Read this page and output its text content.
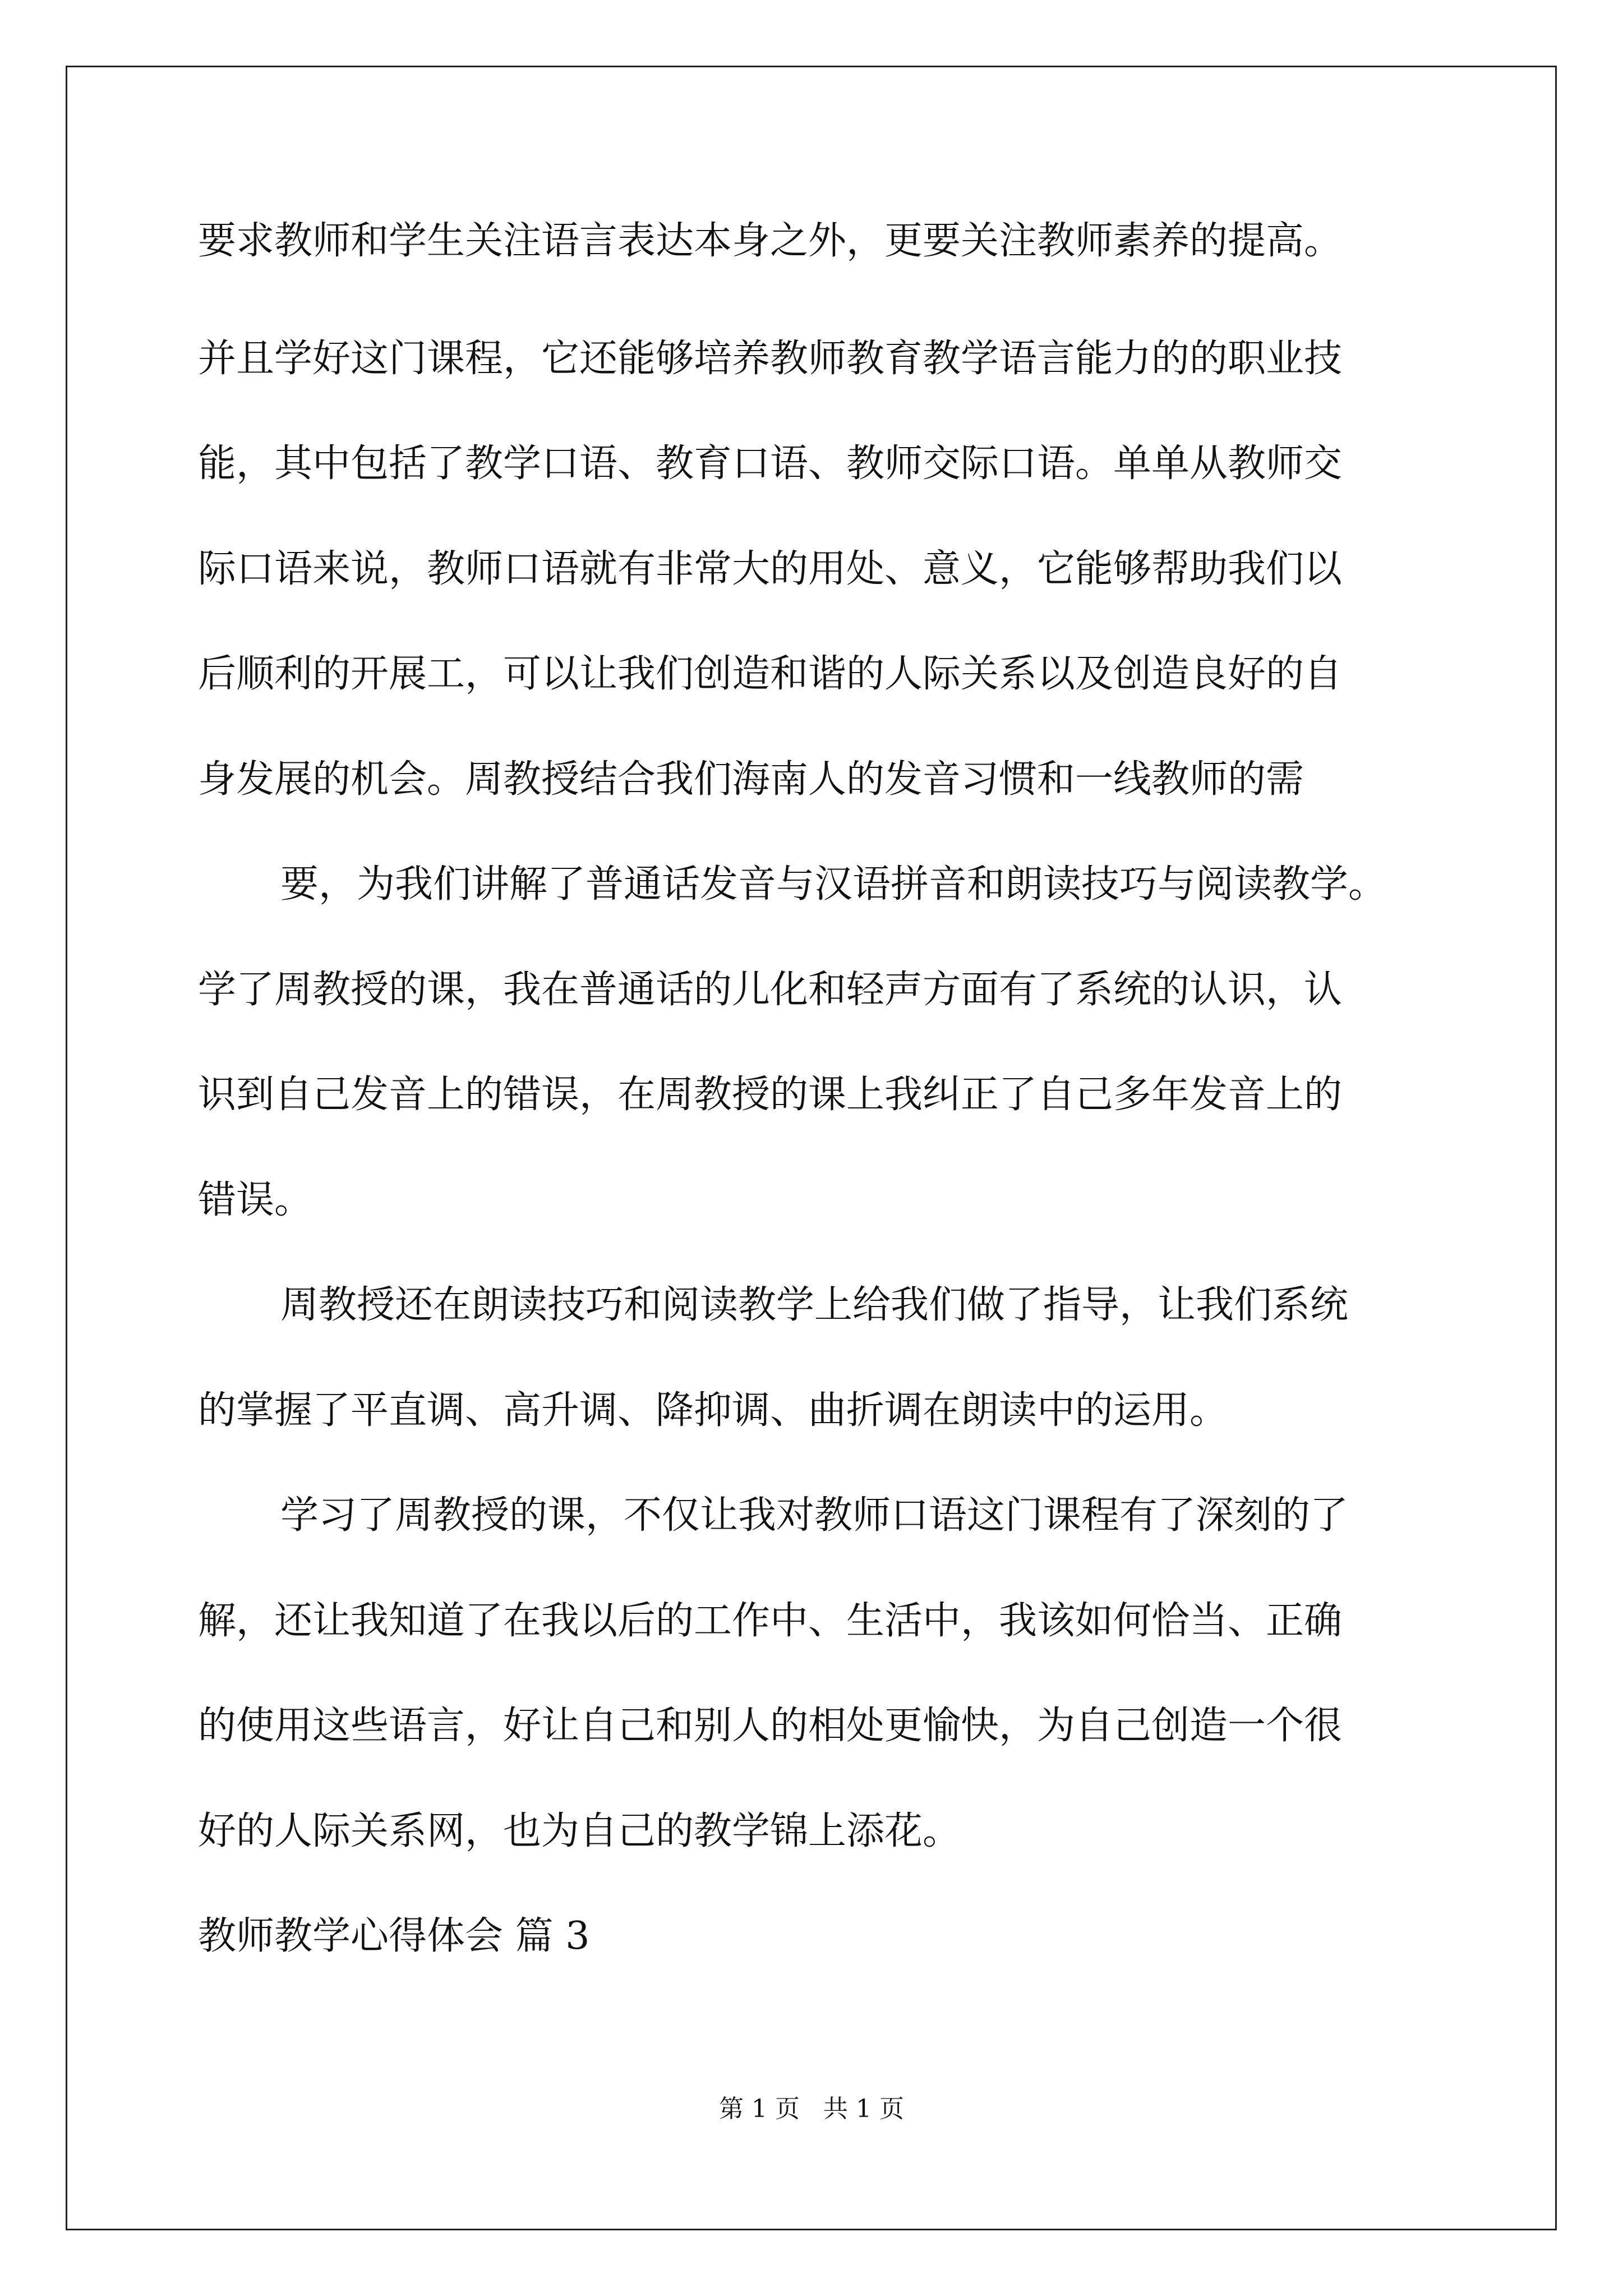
要求教师和学生关注语言表达本身之外，更要关注教师素养的提高。
并且学好这门课程，它还能够培养教师教育教学语言能力的的职业技
能，其中包括了教学口语、教育口语、教师交际口语。单单从教师交
际口语来说，教师口语就有非常大的用处、意义，它能够帮助我们以
后顺利的开展工，可以让我们创造和谐的人际关系以及创造良好的自
身发展的机会。周教授结合我们海南人的发音习惯和一线教师的需
要，为我们讲解了普通话发音与汉语拼音和朗读技巧与阅读教学。
学了周教授的课，我在普通话的儿化和轻声方面有了系统的认识，认
识到自己发音上的错误，在周教授的课上我纠正了自己多年发音上的
错误。
周教授还在朗读技巧和阅读教学上给我们做了指导，让我们系统
的掌握了平直调、高升调、降抑调、曲折调在朗读中的运用。
学习了周教授的课，不仅让我对教师口语这门课程有了深刻的了
解，还让我知道了在我以后的工作中、生活中，我该如何恰当、正确
的使用这些语言，好让自己和别人的相处更愉快，为自己创造一个很
好的人际关系网，也为自己的教学锦上添花。
教师教学心得体会 篇 3
第 1 页   共 1 页
